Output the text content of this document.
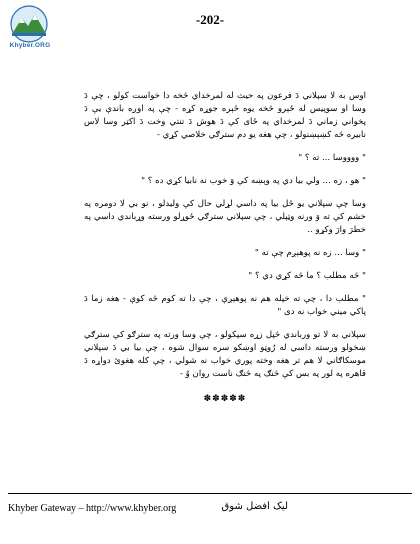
Khyber.ORG
-202-

اوس به لا سپلاني دَ فرعون په حيث له لمرخداي څخه دا خواست کولو ، چې دَ وسا او سوپيس له ځېرو څخه يوه ځېره جوړه کړه - چې په اوږه باندې يې دَ پخواني زماني دَ لمرخداي په ځای کې دَ هوش دَ تنتي وخت دَ اکټر وسا لاس نابيره څه کښېښنولو ، چې هغه يو دم سترګي خلاصي کړي -

" ووووسا ... ته ؟ "

" هو ، زه ... ولي بيا دي په وېښه کې وَ خوب نه نابيا کړي ده ؟ "

وسا چې سپلاني يو ځل بيا په داسي لړلي حال کې وليدلو ، نو بي لا دومره په خشم کې ته وَ ورنه وټپلي ، چې سپلاني سترګي ځوړلو ورسته وړباندي داسي په خطرَ وارَ وکړو ..

" وسا ... زه نه پوهېږم چې ته "

" څه مطلب ؟ ما څه کړي دي ؟ "

" مطلب دا ، چې ته خپله هم نه پوهېږې ، چې دا ته کوم څه کوې - هغه زما دَ پاکي ميني خواب نه دی "

سپلاني به لا تو ورباندي څپل زړه سپکولو ، چې وسا ورته په سترګو کې سترګي ښخولو ورسته داسي له رُوټو اوښکو سره سوال شوه ، چې بيا بي دَ سپلاني موسکاګاني لا هم تر هغه وخته پوري خواب نه شولي ، چې کله هغوئ دواړه دَ قاهره په لور په بس کې څنګ په څنګ ناست روان وُ -

✽✽✽✽✽
Khyber Gateway – http://www.khyber.org	ليک افضل شوق
